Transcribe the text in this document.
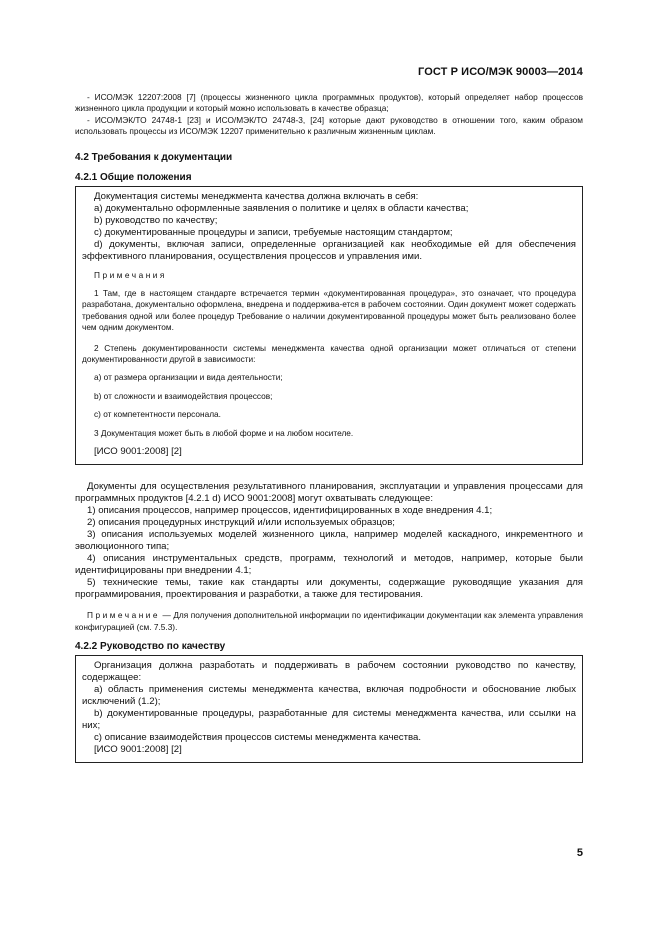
ГОСТ Р ИСО/МЭК 90003—2014

- ИСО/МЭК 12207:2008 [7] (процессы жизненного цикла программных продуктов), который определяет набор процессов жизненного цикла продукции и который можно использовать в качестве образца;

- ИСО/МЭК/ТО 24748-1 [23] и ИСО/МЭК/ТО 24748-3, [24] которые дают руководство в отношении того, каким образом использовать процессы из ИСО/МЭК 12207 применительно к различным жизненным циклам.

4.2 Требования к документации
4.2.1 Общие положения

Документация системы менеджмента качества должна включать в себя:

а) документально оформленные заявления о политике и целях в области качества;

b) руководство по качеству;

c) документированные процедуры и записи, требуемые настоящим стандартом;

d) документы, включая записи, определенные организацией как необходимые ей для обеспечения эффективного планирования, осуществления процессов и управления ими.

Примечания

1 Там, где в настоящем стандарте встречается термин «документированная процедура», это означает, что процедура разработана, документально оформлена, внедрена и поддержива-ется в рабочем состоянии. Один документ может содержать требования одной или более процедур Требование о наличии документированной процедуры может быть реализовано более чем одним документом.

2 Степень документированности системы менеджмента качества одной организации может отличаться от степени документированности другой в зависимости:

а) от размера организации и вида деятельности;

b) от сложности и взаимодействия процессов;

c) от компетентности персонала.

3 Документация может быть в любой форме и на любом носителе.

[ИСО 9001:2008] [2]

Документы для осуществления результативного планирования, эксплуатации и управления процессами для программных продуктов [4.2.1 d) ИСО 9001:2008] могут охватывать следующее:

1) описания процессов, например процессов, идентифицированных в ходе внедрения 4.1;

2) описания процедурных инструкций и/или используемых образцов;

3) описания используемых моделей жизненного цикла, например моделей каскадного, инкрементного и эволюционного типа;

4) описания инструментальных средств, программ, технологий и методов, например, которые были идентифицированы при внедрении 4.1;

5) технические темы, такие как стандарты или документы, содержащие руководящие указания для программирования, проектирования и разработки, а также для тестирования.

Примечание — Для получения дополнительной информации по идентификации документации как элемента управления конфигурацией (см. 7.5.3).

4.2.2 Руководство по качеству

Организация должна разработать и поддерживать в рабочем состоянии руководство по качеству, содержащее:

а) область применения системы менеджмента качества, включая подробности и обоснование любых исключений (1.2);

b) документированные процедуры, разработанные для системы менеджмента качества, или ссылки на них;

c) описание взаимодействия процессов системы менеджмента качества.

[ИСО 9001:2008] [2]

5
